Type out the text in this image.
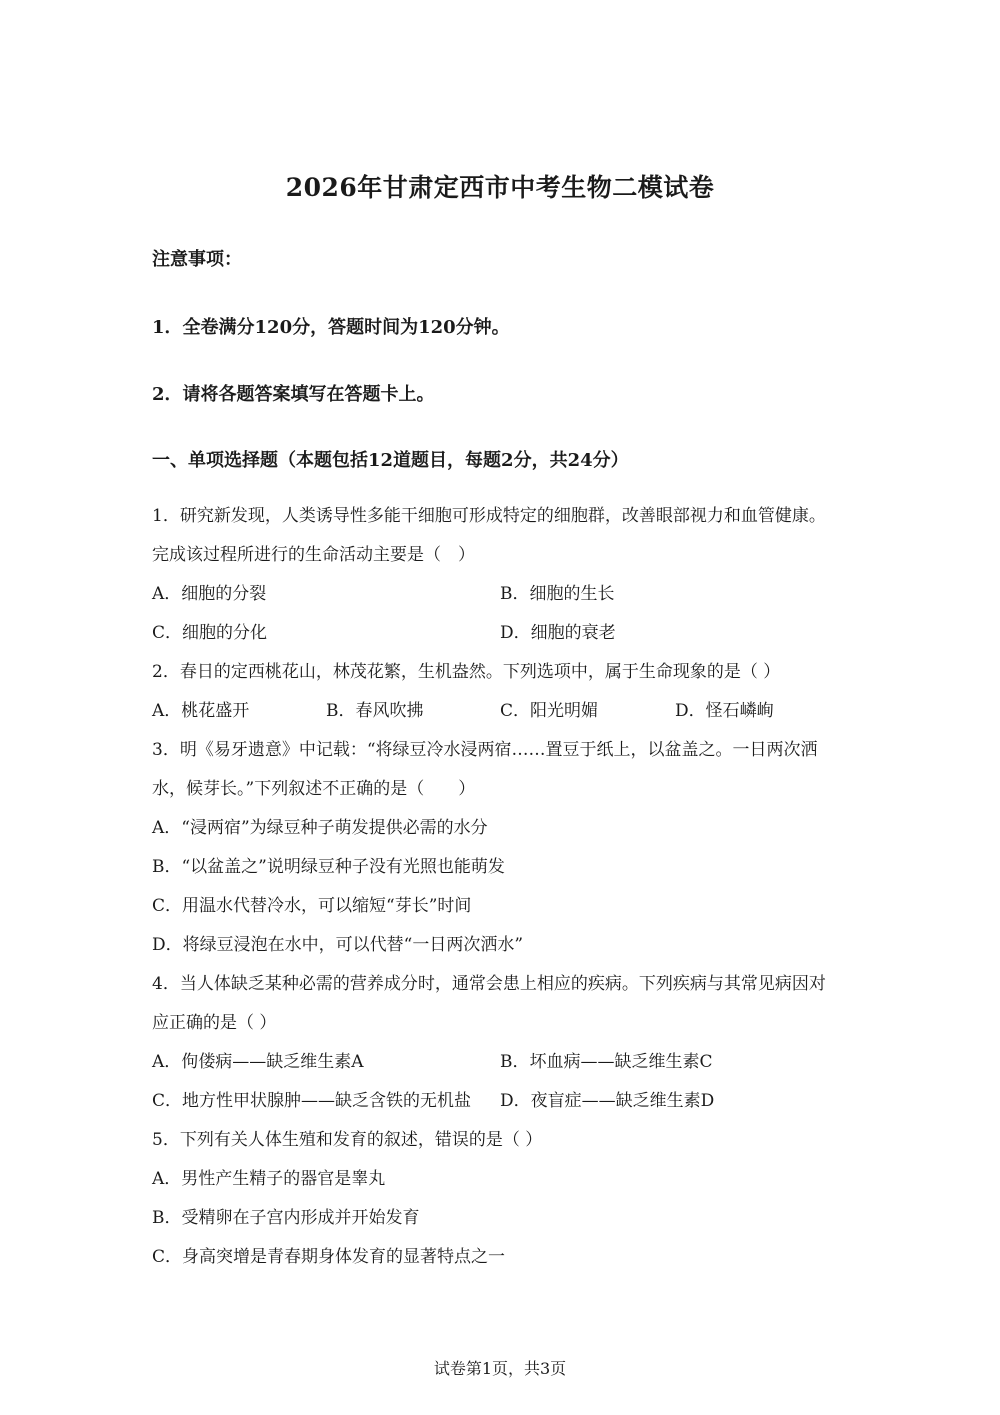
2026年甘肃定西市中考生物二模试卷
注意事项：
1．全卷满分120分，答题时间为120分钟。
2．请将各题答案填写在答题卡上。
一、单项选择题（本题包括12道题目，每题2分，共24分）
1．研究新发现，人类诱导性多能干细胞可形成特定的细胞群，改善眼部视力和血管健康。
完成该过程所进行的生命活动主要是（　）
A．细胞的分裂	B．细胞的生长
C．细胞的分化	D．细胞的衰老
2．春日的定西桃花山，林茂花繁，生机盎然。下列选项中，属于生命现象的是（ ）
A．桃花盛开	B．春风吹拂	C．阳光明媚	D．怪石嶙峋
3．明《易牙遗意》中记载：“将绿豆冷水浸两宿……置豆于纸上，以盆盖之。一日两次洒
水，候芽长。”下列叙述不正确的是（　　）
A．“浸两宿”为绿豆种子萌发提供必需的水分
B．“以盆盖之”说明绿豆种子没有光照也能萌发
C．用温水代替冷水，可以缩短“芽长”时间
D．将绿豆浸泡在水中，可以代替“一日两次洒水”
4．当人体缺乏某种必需的营养成分时，通常会患上相应的疾病。下列疾病与其常见病因对
应正确的是（ ）
A．佝偻病——缺乏维生素A	B．坏血病——缺乏维生素C
C．地方性甲状腺肿——缺乏含铁的无机盐 D．夜盲症——缺乏维生素D
5．下列有关人体生殖和发育的叙述，错误的是（ ）
A．男性产生精子的器官是睾丸
B．受精卵在子宫内形成并开始发育
C．身高突增是青春期身体发育的显著特点之一
试卷第1页，共3页
